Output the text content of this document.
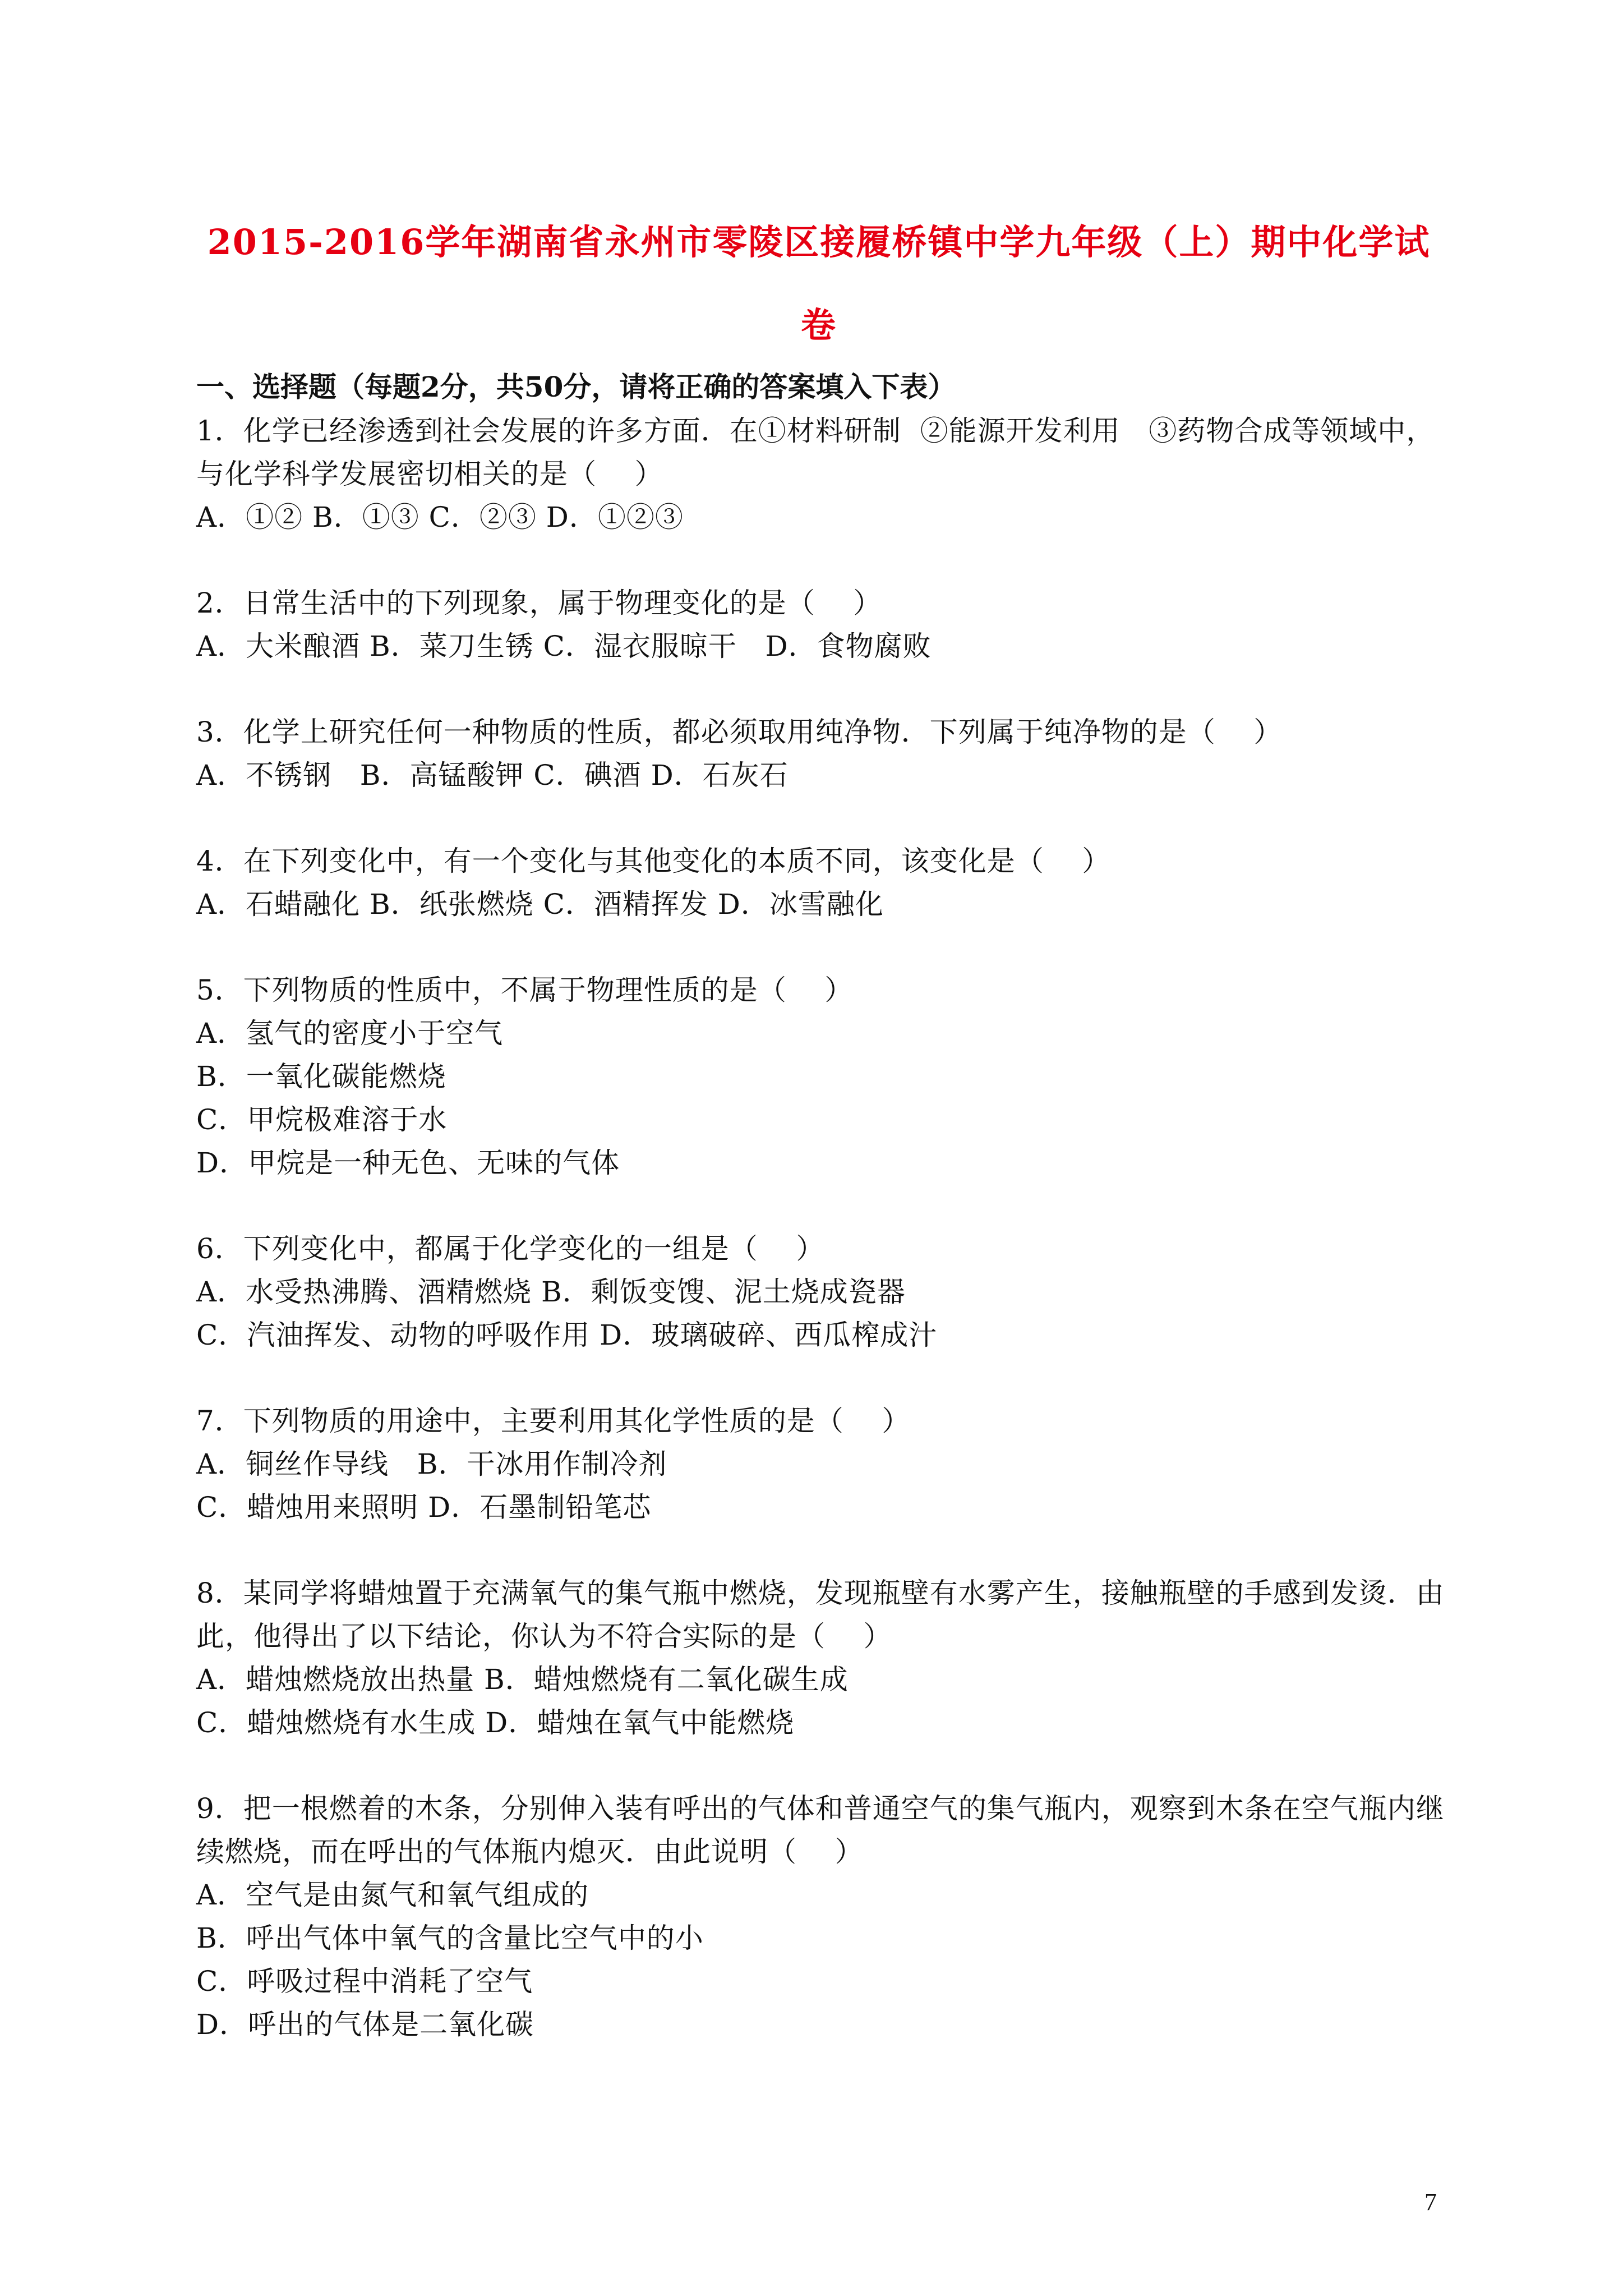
2015-2016学年湖南省永州市零陵区接履桥镇中学九年级（上）期中化学试
卷
一、选择题（每题2分，共50分，请将正确的答案填入下表）
1．化学已经渗透到社会发展的许多方面．在①材料研制  ②能源开发利用   ③药物合成等领域中，
与化学科学发展密切相关的是（    ）
A．①② B．①③ C．②③ D．①②③
2．日常生活中的下列现象，属于物理变化的是（    ）
A．大米酿酒 B．菜刀生锈 C．湿衣服晾干   D．食物腐败
3．化学上研究任何一种物质的性质，都必须取用纯净物．下列属于纯净物的是（    ）
A．不锈钢   B．高锰酸钾 C．碘酒 D．石灰石
4．在下列变化中，有一个变化与其他变化的本质不同，该变化是（    ）
A．石蜡融化 B．纸张燃烧 C．酒精挥发 D．冰雪融化
5．下列物质的性质中，不属于物理性质的是（    ）
A．氢气的密度小于空气
B．一氧化碳能燃烧
C．甲烷极难溶于水
D．甲烷是一种无色、无味的气体
6．下列变化中，都属于化学变化的一组是（    ）
A．水受热沸腾、酒精燃烧 B．剩饭变馊、泥土烧成瓷器
C．汽油挥发、动物的呼吸作用 D．玻璃破碎、西瓜榨成汁
7．下列物质的用途中，主要利用其化学性质的是（    ）
A．铜丝作导线   B．干冰用作制冷剂
C．蜡烛用来照明 D．石墨制铅笔芯
8．某同学将蜡烛置于充满氧气的集气瓶中燃烧，发现瓶壁有水雾产生，接触瓶壁的手感到发烫．由
此，他得出了以下结论，你认为不符合实际的是（    ）
A．蜡烛燃烧放出热量 B．蜡烛燃烧有二氧化碳生成
C．蜡烛燃烧有水生成 D．蜡烛在氧气中能燃烧
9．把一根燃着的木条，分别伸入装有呼出的气体和普通空气的集气瓶内，观察到木条在空气瓶内继
续燃烧，而在呼出的气体瓶内熄灭．由此说明（    ）
A．空气是由氮气和氧气组成的
B．呼出气体中氧气的含量比空气中的小
C．呼吸过程中消耗了空气
D．呼出的气体是二氧化碳
7
